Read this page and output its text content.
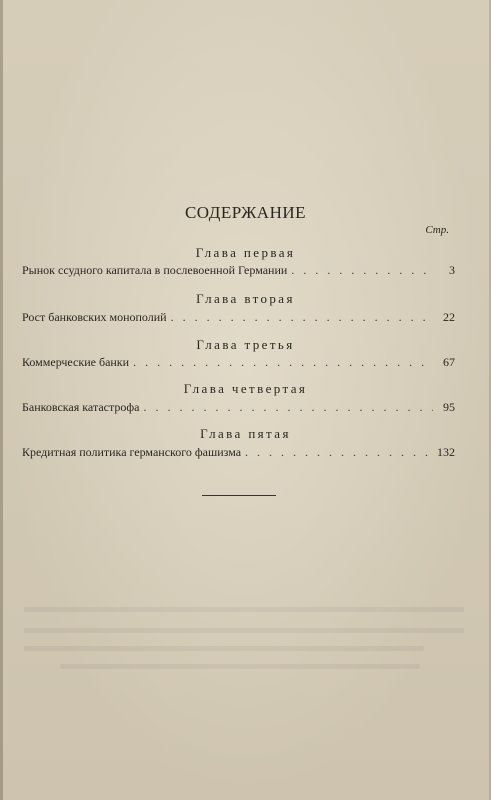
СОДЕРЖАНИЕ
Стр.
Глава первая
Рынок ссудного капитала в послевоенной Германии . . .	3
Глава вторая
Рост банковских монополий . . .	22
Глава третья
Коммерческие банки . . .	67
Глава четвертая
Банковская катастрофа . . .	95
Глава пятая
Кредитная политика германского фашизма . . .	132
